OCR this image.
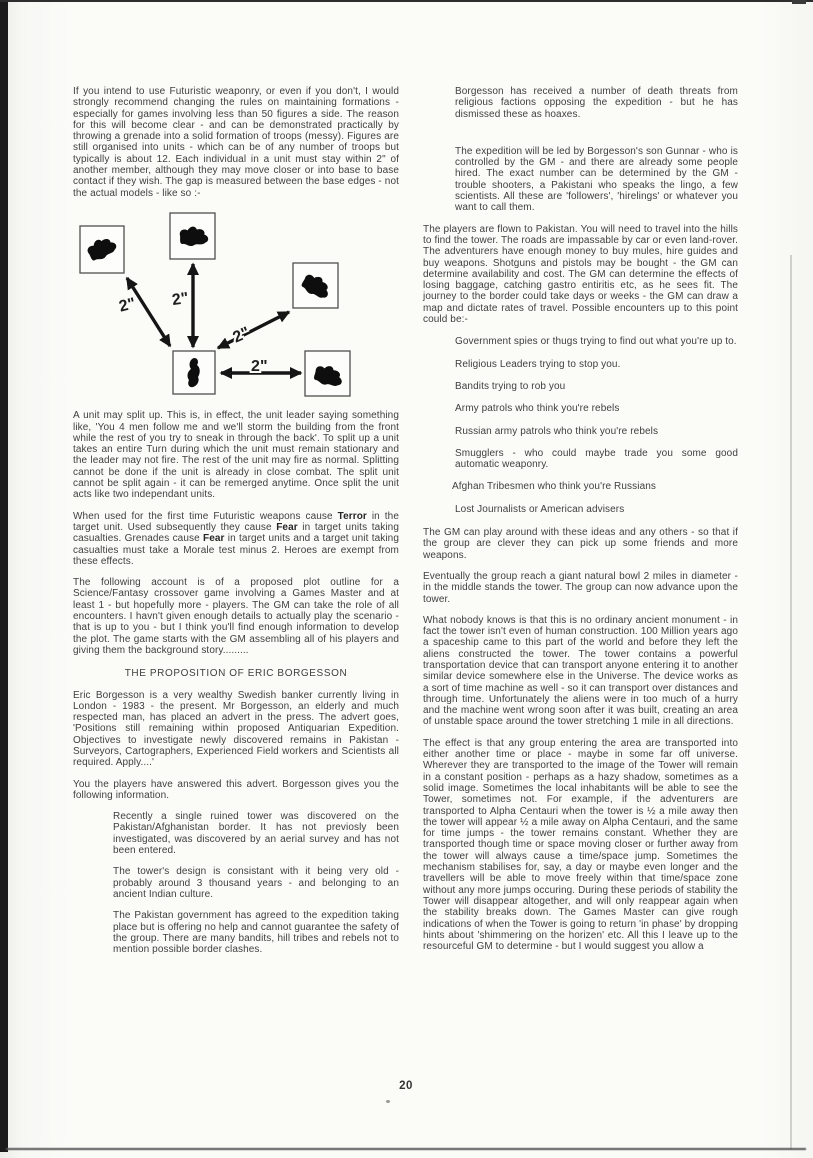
If you intend to use Futuristic weaponry, or even if you don't, I would strongly recommend changing the rules on maintaining formations - especially for games involving less than 50 figures a side. The reason for this will become clear - and can be demonstrated practically by throwing a grenade into a solid formation of troops (messy). Figures are still organised into units - which can be of any number of troops but typically is about 12. Each individual in a unit must stay within 2" of another member, although they may move closer or into base to base contact if they wish. The gap is measured between the base edges - not the actual models - like so :-

2" 2"
2"
2"

A unit may split up. This is, in effect, the unit leader saying something like, 'You 4 men follow me and we'll storm the building from the front while the rest of you try to sneak in through the back'. To split up a unit takes an entire Turn during which the unit must remain stationary and the leader may not fire. The rest of the unit may fire as normal. Splitting cannot be done if the unit is already in close combat. The split unit cannot be split again - it can be remerged anytime. Once split the unit acts like two independant units.

When used for the first time Futuristic weapons cause Terror in the target unit. Used subsequently they cause Fear in target units taking casualties. Grenades cause Fear in target units and a target unit taking casualties must take a Morale test minus 2. Heroes are exempt from these effects.

The following account is of a proposed plot outline for a Science/Fantasy crossover game involving a Games Master and at least 1 - but hopefully more - players. The GM can take the role of all encounters. I havn't given enough details to actually play the scenario - that is up to you - but I think you'll find enough information to develop the plot. The game starts with the GM assembling all of his players and giving them the background story.........

THE PROPOSITION OF ERIC BORGESSON

Eric Borgesson is a very wealthy Swedish banker currently living in London - 1983 - the present. Mr Borgesson, an elderly and much respected man, has placed an advert in the press. The advert goes, 'Positions still remaining within proposed Antiquarian Expedition. Objectives to investigate newly discovered remains in Pakistan - Surveyors, Cartographers, Experienced Field workers and Scientists all required. Apply....'

You the players have answered this advert. Borgesson gives you the following information.

Recently a single ruined tower was discovered on the Pakistan/Afghanistan border. It has not previosly been investigated, was discovered by an aerial survey and has not been entered.

The tower's design is consistant with it being very old - probably around 3 thousand years - and belonging to an ancient Indian culture.

The Pakistan government has agreed to the expedition taking place but is offering no help and cannot guarantee the safety of the group. There are many bandits, hill tribes and rebels not to mention possible border clashes.

Borgesson has received a number of death threats from religious factions opposing the expedition - but he has dismissed these as hoaxes.

The expedition will be led by Borgesson's son Gunnar - who is controlled by the GM - and there are already some people hired. The exact number can be determined by the GM - trouble shooters, a Pakistani who speaks the lingo, a few scientists. All these are 'followers', 'hirelings' or whatever you want to call them.

The players are flown to Pakistan. You will need to travel into the hills to find the tower. The roads are impassable by car or even land-rover. The adventurers have enough money to buy mules, hire guides and buy weapons. Shotguns and pistols may be bought - the GM can determine availability and cost. The GM can determine the effects of losing baggage, catching gastro entiritis etc, as he sees fit. The journey to the border could take days or weeks - the GM can draw a map and dictate rates of travel. Possible encounters up to this point could be:-

Government spies or thugs trying to find out what you're up to.
Religious Leaders trying to stop you.
Bandits trying to rob you
Army patrols who think you're rebels
Russian army patrols who think you're rebels
Smugglers - who could maybe trade you some good automatic weaponry.
Afghan Tribesmen who think you're Russians
Lost Journalists or American advisers

The GM can play around with these ideas and any others - so that if the group are clever they can pick up some friends and more weapons.

Eventually the group reach a giant natural bowl 2 miles in diameter - in the middle stands the tower. The group can now advance upon the tower.

What nobody knows is that this is no ordinary ancient monument - in fact the tower isn't even of human construction. 100 Million years ago a spaceship came to this part of the world and before they left the aliens constructed the tower. The tower contains a powerful transportation device that can transport anyone entering it to another similar device somewhere else in the Universe. The device works as a sort of time machine as well - so it can transport over distances and through time. Unfortunately the aliens were in too much of a hurry and the machine went wrong soon after it was built, creating an area of unstable space around the tower stretching 1 mile in all directions.

The effect is that any group entering the area are transported into either another time or place - maybe in some far off universe. Wherever they are transported to the image of the Tower will remain in a constant position - perhaps as a hazy shadow, sometimes as a solid image. Sometimes the local inhabitants will be able to see the Tower, sometimes not. For example, if the adventurers are transported to Alpha Centauri when the tower is ½ a mile away then the tower will appear ½ a mile away on Alpha Centauri, and the same for time jumps - the tower remains constant. Whether they are transported though time or space moving closer or further away from the tower will always cause a time/space jump. Sometimes the mechanism stabilises for, say, a day or maybe even longer and the travellers will be able to move freely within that time/space zone without any more jumps occuring. During these periods of stability the Tower will disappear altogether, and will only reappear again when the stability breaks down. The Games Master can give rough indications of when the Tower is going to return 'in phase' by dropping hints about 'shimmering on the horizen' etc. All this I leave up to the resourceful GM to determine - but I would suggest you allow a

20
